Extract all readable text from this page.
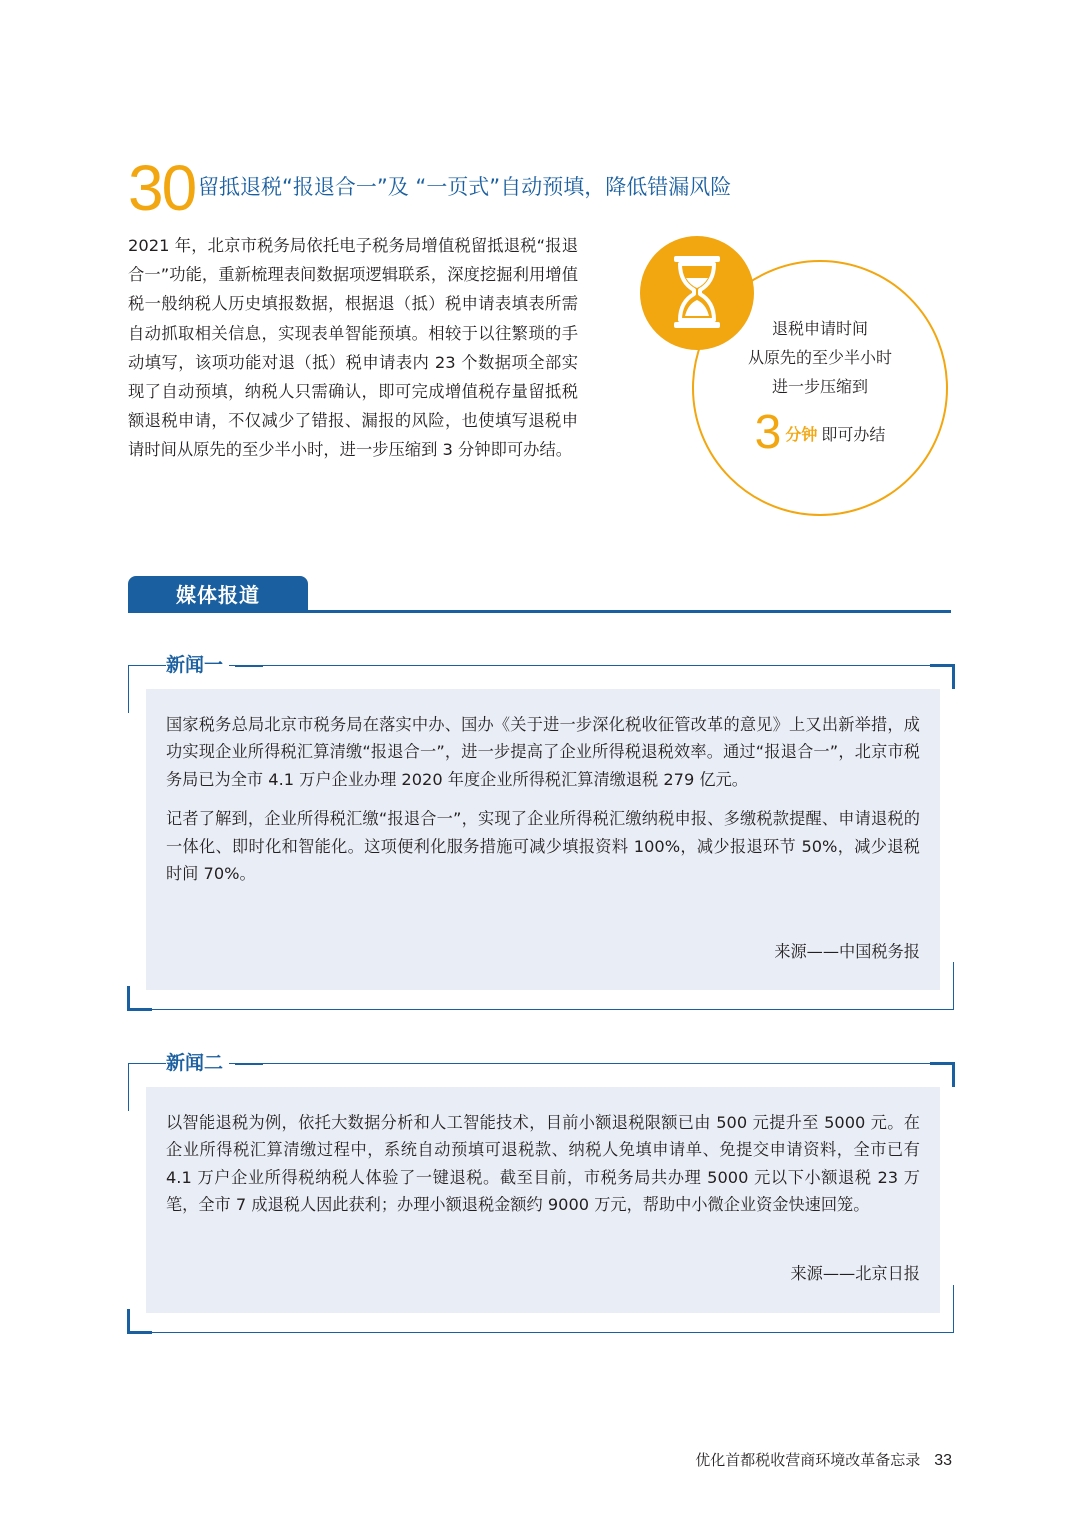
30 留抵退税“报退合一”及 “一页式”自动预填，降低错漏风险
2021 年，北京市税务局依托电子税务局增值税留抵退税“报退合一”功能，重新梳理表间数据项逻辑联系，深度挖掘利用增值税一般纳税人历史填报数据，根据退（抵）税申请表填表所需自动抓取相关信息，实现表单智能预填。相较于以往繁琐的手动填写，该项功能对退（抵）税申请表内 23 个数据项全部实现了自动预填，纳税人只需确认，即可完成增值税存量留抵税额退税申请，不仅减少了错报、漏报的风险，也使填写退税申请时间从原先的至少半小时，进一步压缩到 3 分钟即可办结。
退税申请时间
从原先的至少半小时
进一步压缩到
3 分钟 即可办结
媒体报道
新闻一

国家税务总局北京市税务局在落实中办、国办《关于进一步深化税收征管改革的意见》上又出新举措，成功实现企业所得税汇算清缴“报退合一”，进一步提高了企业所得税退税效率。通过“报退合一”，北京市税务局已为全市 4.1 万户企业办理 2020 年度企业所得税汇算清缴退税 279 亿元。

记者了解到，企业所得税汇缴“报退合一”，实现了企业所得税汇缴纳税申报、多缴税款提醒、申请退税的一体化、即时化和智能化。这项便利化服务措施可减少填报资料 100%，减少报退环节 50%，减少退税时间 70%。

来源——中国税务报
新闻二

以智能退税为例，依托大数据分析和人工智能技术，目前小额退税限额已由 500 元提升至 5000 元。在企业所得税汇算清缴过程中，系统自动预填可退税款、纳税人免填申请单、免提交申请资料，全市已有 4.1 万户企业所得税纳税人体验了一键退税。截至目前，市税务局共办理 5000 元以下小额退税 23 万笔，全市 7 成退税人因此获利；办理小额退税金额约 9000 万元，帮助中小微企业资金快速回笼。

来源——北京日报
优化首都税收营商环境改革备忘录 33
